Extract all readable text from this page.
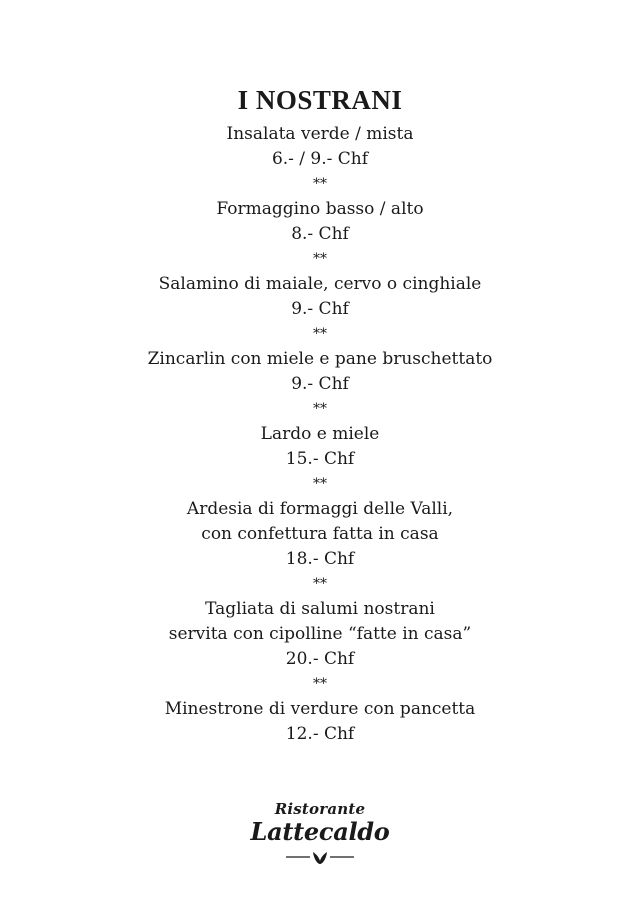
I NOSTRANI
Insalata verde / mista
6.- / 9.- Chf
**
Formaggino basso / alto
8.- Chf
**
Salamino di maiale, cervo o cinghiale
9.- Chf
**
Zincarlin con miele e pane bruschettato
9.- Chf
**
Lardo e miele
15.- Chf
**
Ardesia di formaggi delle Valli,
con confettura fatta in casa
18.- Chf
**
Tagliata di salumi nostrani
servita con cipolline “fatte in casa”
20.- Chf
**
Minestrone di verdure con pancetta
12.- Chf
Ristorante
Lattecaldo
